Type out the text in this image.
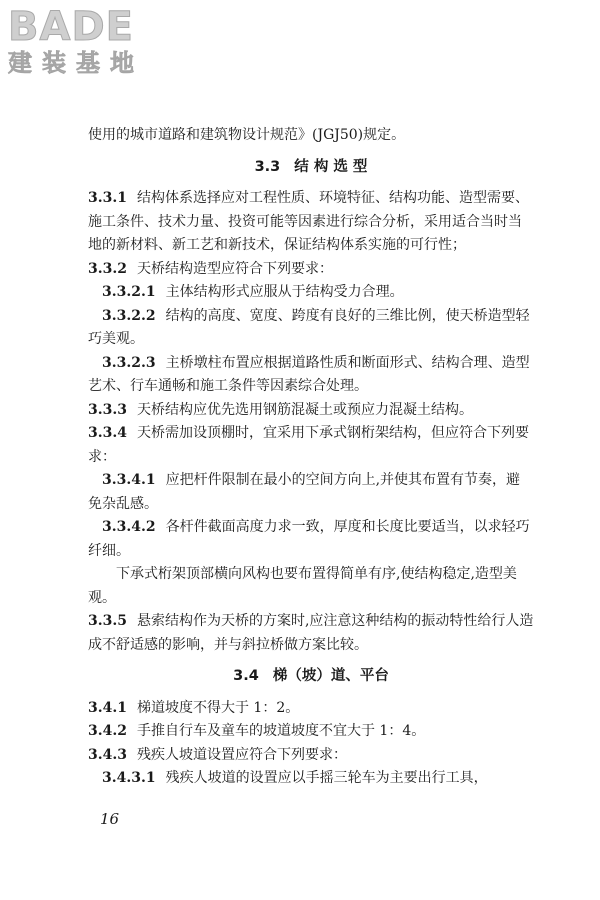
BADE
建装基地

使用的城市道路和建筑物设计规范》(JGJ50)规定。

3.3 结 构 选 型

3.3.1 结构体系选择应对工程性质、环境特征、结构功能、造型需要、施工条件、技术力量、投资可能等因素进行综合分析，采用适合当时当地的新材料、新工艺和新技术，保证结构体系实施的可行性；

3.3.2 天桥结构造型应符合下列要求：

3.3.2.1 主体结构形式应服从于结构受力合理。

3.3.2.2 结构的高度、宽度、跨度有良好的三维比例，使天桥造型轻巧美观。

3.3.2.3 主桥墩柱布置应根据道路性质和断面形式、结构合理、造型艺术、行车通畅和施工条件等因素综合处理。

3.3.3 天桥结构应优先选用钢筋混凝土或预应力混凝土结构。

3.3.4 天桥需加设顶棚时，宜采用下承式钢桁架结构，但应符合下列要求：

3.3.4.1 应把杆件限制在最小的空间方向上,并使其布置有节奏，避免杂乱感。

3.3.4.2 各杆件截面高度力求一致，厚度和长度比要适当，以求轻巧纤细。

下承式桁架顶部横向风构也要布置得简单有序,使结构稳定,造型美观。

3.3.5 悬索结构作为天桥的方案时,应注意这种结构的振动特性给行人造成不舒适感的影响，并与斜拉桥做方案比较。

3.4 梯（坡）道、平台

3.4.1 梯道坡度不得大于 1：2。

3.4.2 手推自行车及童车的坡道坡度不宜大于 1：4。

3.4.3 残疾人坡道设置应符合下列要求：

3.4.3.1 残疾人坡道的设置应以手摇三轮车为主要出行工具，

16
